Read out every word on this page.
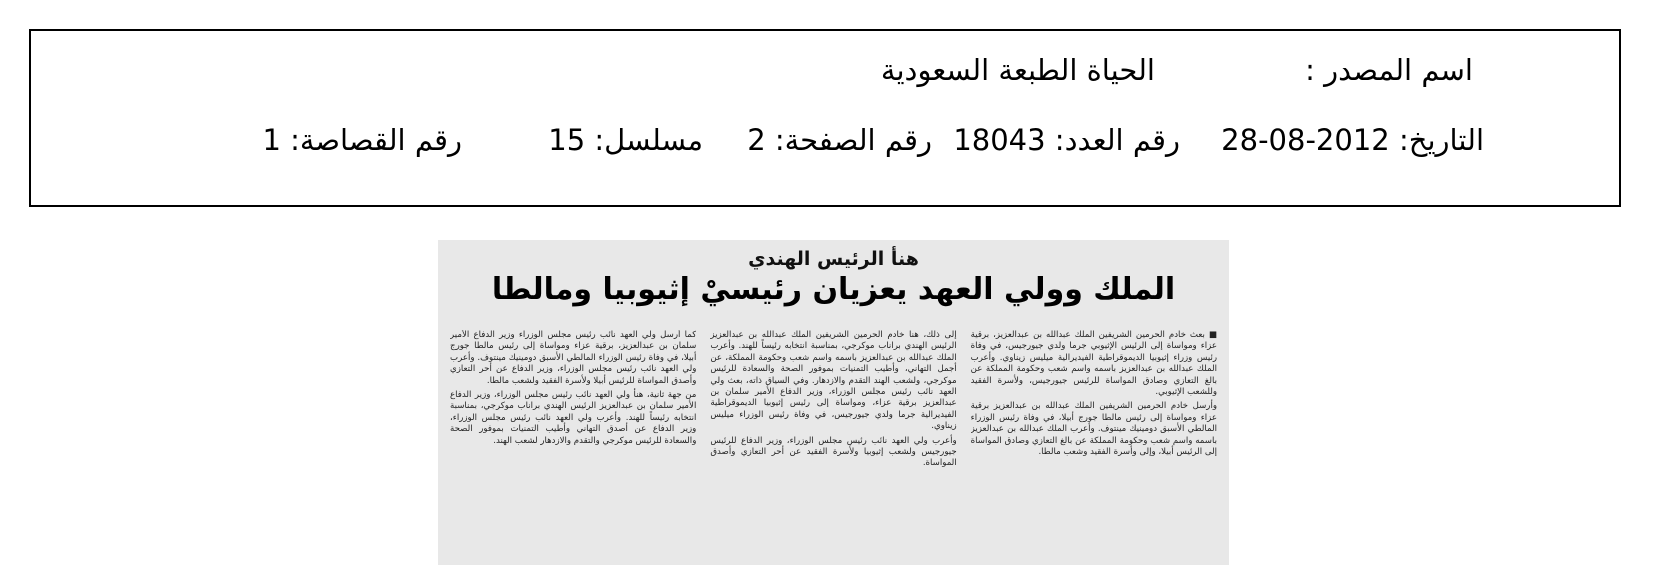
اسم المصدر :
الحياة الطبعة السعودية
التاريخ: 2012-08-28
رقم العدد: 18043
رقم الصفحة: 2
مسلسل: 15
رقم القصاصة: 1
هنأ الرئيس الهندي
الملك وولي العهد يعزيان رئيسيْ إثيوبيا ومالطا

■ بعث خادم الحرمين الشريفين الملك عبدالله بن عبدالعزيز، برقية عزاء ومواساة إلى الرئيس الإثيوبي جرما ولدي جيورجيس، في وفاة رئيس وزراء إثيوبيا الديموقراطية الفيديرالية ميليس زيناوي. وأعرب الملك عبدالله بن عبدالعزيز باسمه واسم شعب وحكومة المملكة عن بالغ التعازي وصادق المواساة للرئيس جيورجيس، ولأسرة الفقيد وللشعب الإثيوبي.

وأرسل خادم الحرمين الشريفين الملك عبدالله بن عبدالعزيز برقية عزاء ومواساة إلى رئيس مالطا جورج أبيلا، في وفاة رئيس الوزراء المالطي الأسبق دومينيك مينتوف. وأعرب الملك عبدالله بن عبدالعزيز باسمه واسم شعب وحكومة المملكة عن بالغ التعازي وصادق المواساة إلى الرئيس أبيلا، وإلى وأسرة الفقيد وشعب مالطا.

إلى ذلك، هنأ خادم الحرمين الشريفين الملك عبدالله بن عبدالعزيز الرئيس الهندي براناب موكرجي، بمناسبة انتخابه رئيساً للهند. وأعرب الملك عبدالله بن عبدالعزيز باسمه واسم شعب وحكومة المملكة، عن أجمل التهاني، وأطيب التمنيات بموفور الصحة والسعادة للرئيس موكرجي، ولشعب الهند التقدم والازدهار. وفي السياق ذاته، بعث ولي العهد نائب رئيس مجلس الوزراء، وزير الدفاع الأمير سلمان بن عبدالعزيز برقية عزاء، ومواساة إلى رئيس إثيوبيا الديموقراطية الفيديرالية جرما ولدي جيورجيس، في وفاة رئيس الوزراء ميليس زيناوي.

وأعرب ولي العهد نائب رئيس مجلس الوزراء، وزير الدفاع للرئيس جيورجيس ولشعب إثيوبيا ولأسرة الفقيد عن أحر التعازي وأصدق المواساة.

كما أرسل ولي العهد نائب رئيس مجلس الوزراء وزير الدفاع الأمير سلمان بن عبدالعزيز، برقية عزاء ومواساة إلى رئيس مالطا جورج أبيلا، في وفاة رئيس الوزراء المالطي الأسبق دومينيك مينتوف. وأعرب ولي العهد نائب رئيس مجلس الوزراء، وزير الدفاع عن أحر التعازي وأصدق المواساة للرئيس أبيلا ولأسرة الفقيد ولشعب مالطا.

من جهة ثانية، هنأ ولي العهد نائب رئيس مجلس الوزراء، وزير الدفاع الأمير سلمان بن عبدالعزيز الرئيس الهندي براناب موكرجي، بمناسبة انتخابه رئيساً للهند. وأعرب ولي العهد نائب رئيس مجلس الوزراء، وزير الدفاع عن أصدق التهاني وأطيب التمنيات بموفور الصحة والسعادة للرئيس موكرجي والتقدم والازدهار لشعب الهند.
